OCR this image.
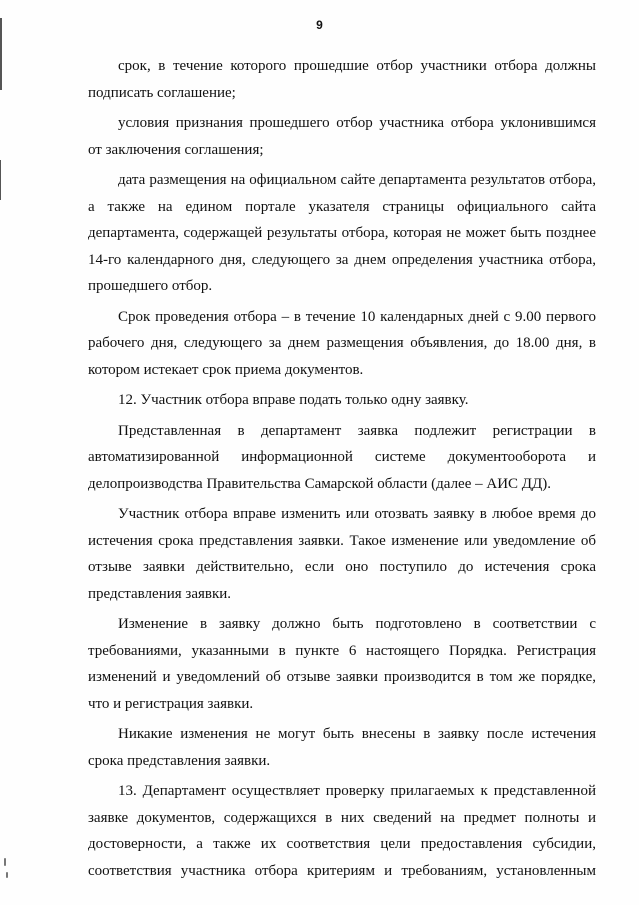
9

срок, в течение которого прошедшие отбор участники отбора должны подписать соглашение;

условия признания прошедшего отбор участника отбора уклонившимся от заключения соглашения;

дата размещения на официальном сайте департамента результатов отбора, а также на едином портале указателя страницы официального сайта департамента, содержащей результаты отбора, которая не может быть позднее 14-го календарного дня, следующего за днем определения участника отбора, прошедшего отбор.

Срок проведения отбора – в течение 10 календарных дней с 9.00 первого рабочего дня, следующего за днем размещения объявления, до 18.00 дня, в котором истекает срок приема документов.

12. Участник отбора вправе подать только одну заявку.

Представленная в департамент заявка подлежит регистрации в автоматизированной информационной системе документооборота и делопроизводства Правительства Самарской области (далее – АИС ДД).

Участник отбора вправе изменить или отозвать заявку в любое время до истечения срока представления заявки. Такое изменение или уведомление об отзыве заявки действительно, если оно поступило до истечения срока представления заявки.

Изменение в заявку должно быть подготовлено в соответствии с требованиями, указанными в пункте 6 настоящего Порядка. Регистрация изменений и уведомлений об отзыве заявки производится в том же порядке, что и регистрация заявки.

Никакие изменения не могут быть внесены в заявку после истечения срока представления заявки.

13. Департамент осуществляет проверку прилагаемых к представленной заявке документов, содержащихся в них сведений на предмет полноты и достоверности, а также их соответствия цели предоставления субсидии, соответствия участника отбора критериям и требованиям, установленным
